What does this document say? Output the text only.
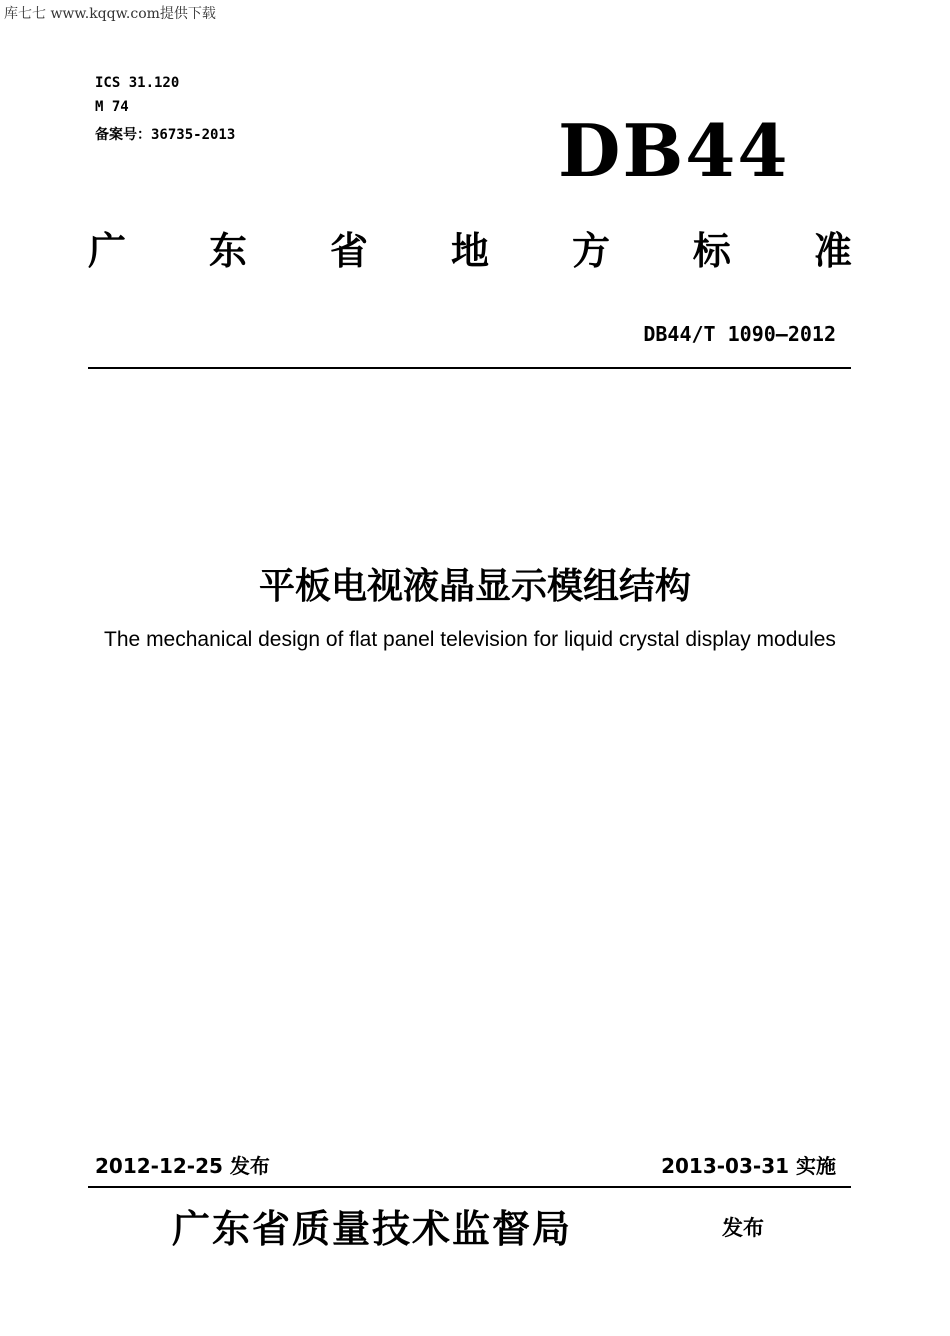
库七七 www.kqqw.com提供下载
ICS 31.120
M 74
备案号：36735-2013	DB44
广 东 省 地 方 标 准
DB44/T 1090—2012
平板电视液晶显示模组结构
The mechanical design of flat panel television for liquid crystal display modules
2012-12-25 发布	2013-03-31 实施
广东省质量技术监督局	发布
